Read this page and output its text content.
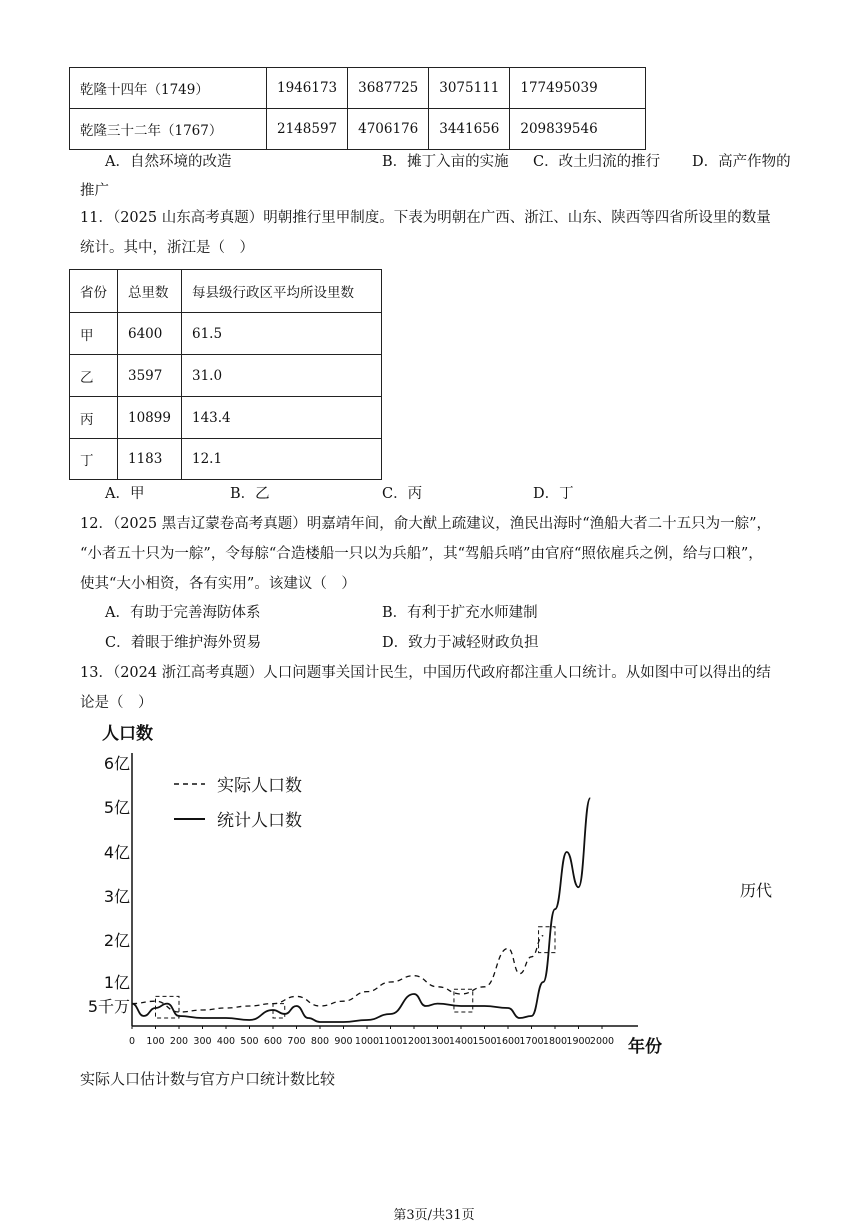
乾隆十四年（1749）	1946173	3687725	3075111	177495039
乾隆三十二年（1767）	2148597	4706176	3441656	209839546
A．自然环境的改造	B．摊丁入亩的实施 C．改土归流的推行 D．高产作物的
推广
11．（2025 山东高考真题）明朝推行里甲制度。下表为明朝在广西、浙江、山东、陕西等四省所设里的数量
统计。其中，浙江是（　）
省份	总里数	每县级行政区平均所设里数
甲	6400	61.5
乙	3597	31.0
丙	10899	143.4
丁	1183	12.1
A．甲	B．乙	C．丙	D．丁
12．（2025 黑吉辽蒙卷高考真题）明嘉靖年间，俞大猷上疏建议，渔民出海时“渔船大者二十五只为一䑸”，
“小者五十只为一䑸”，令每䑸“合造楼船一只以为兵船”，其“驾船兵哨”由官府“照依雇兵之例，给与口粮”，
使其“大小相资，各有实用”。该建议（　）
A．有助于完善海防体系	B．有利于扩充水师建制
C．着眼于维护海外贸易	D．致力于减轻财政负担
13．（2024 浙江高考真题）人口问题事关国计民生，中国历代政府都注重人口统计。从如图中可以得出的结
论是（　）
人口数
年份
5千万
1亿
2亿
3亿
4亿
5亿
6亿
0 100 200 300 400 500 600 700 800 900 1000 1100 1200 1300 1400 1500 1600 1700 1800 1900 2000
实际人口数
统计人口数
历代
实际人口估计数与官方户口统计数比较
第3页/共31页
